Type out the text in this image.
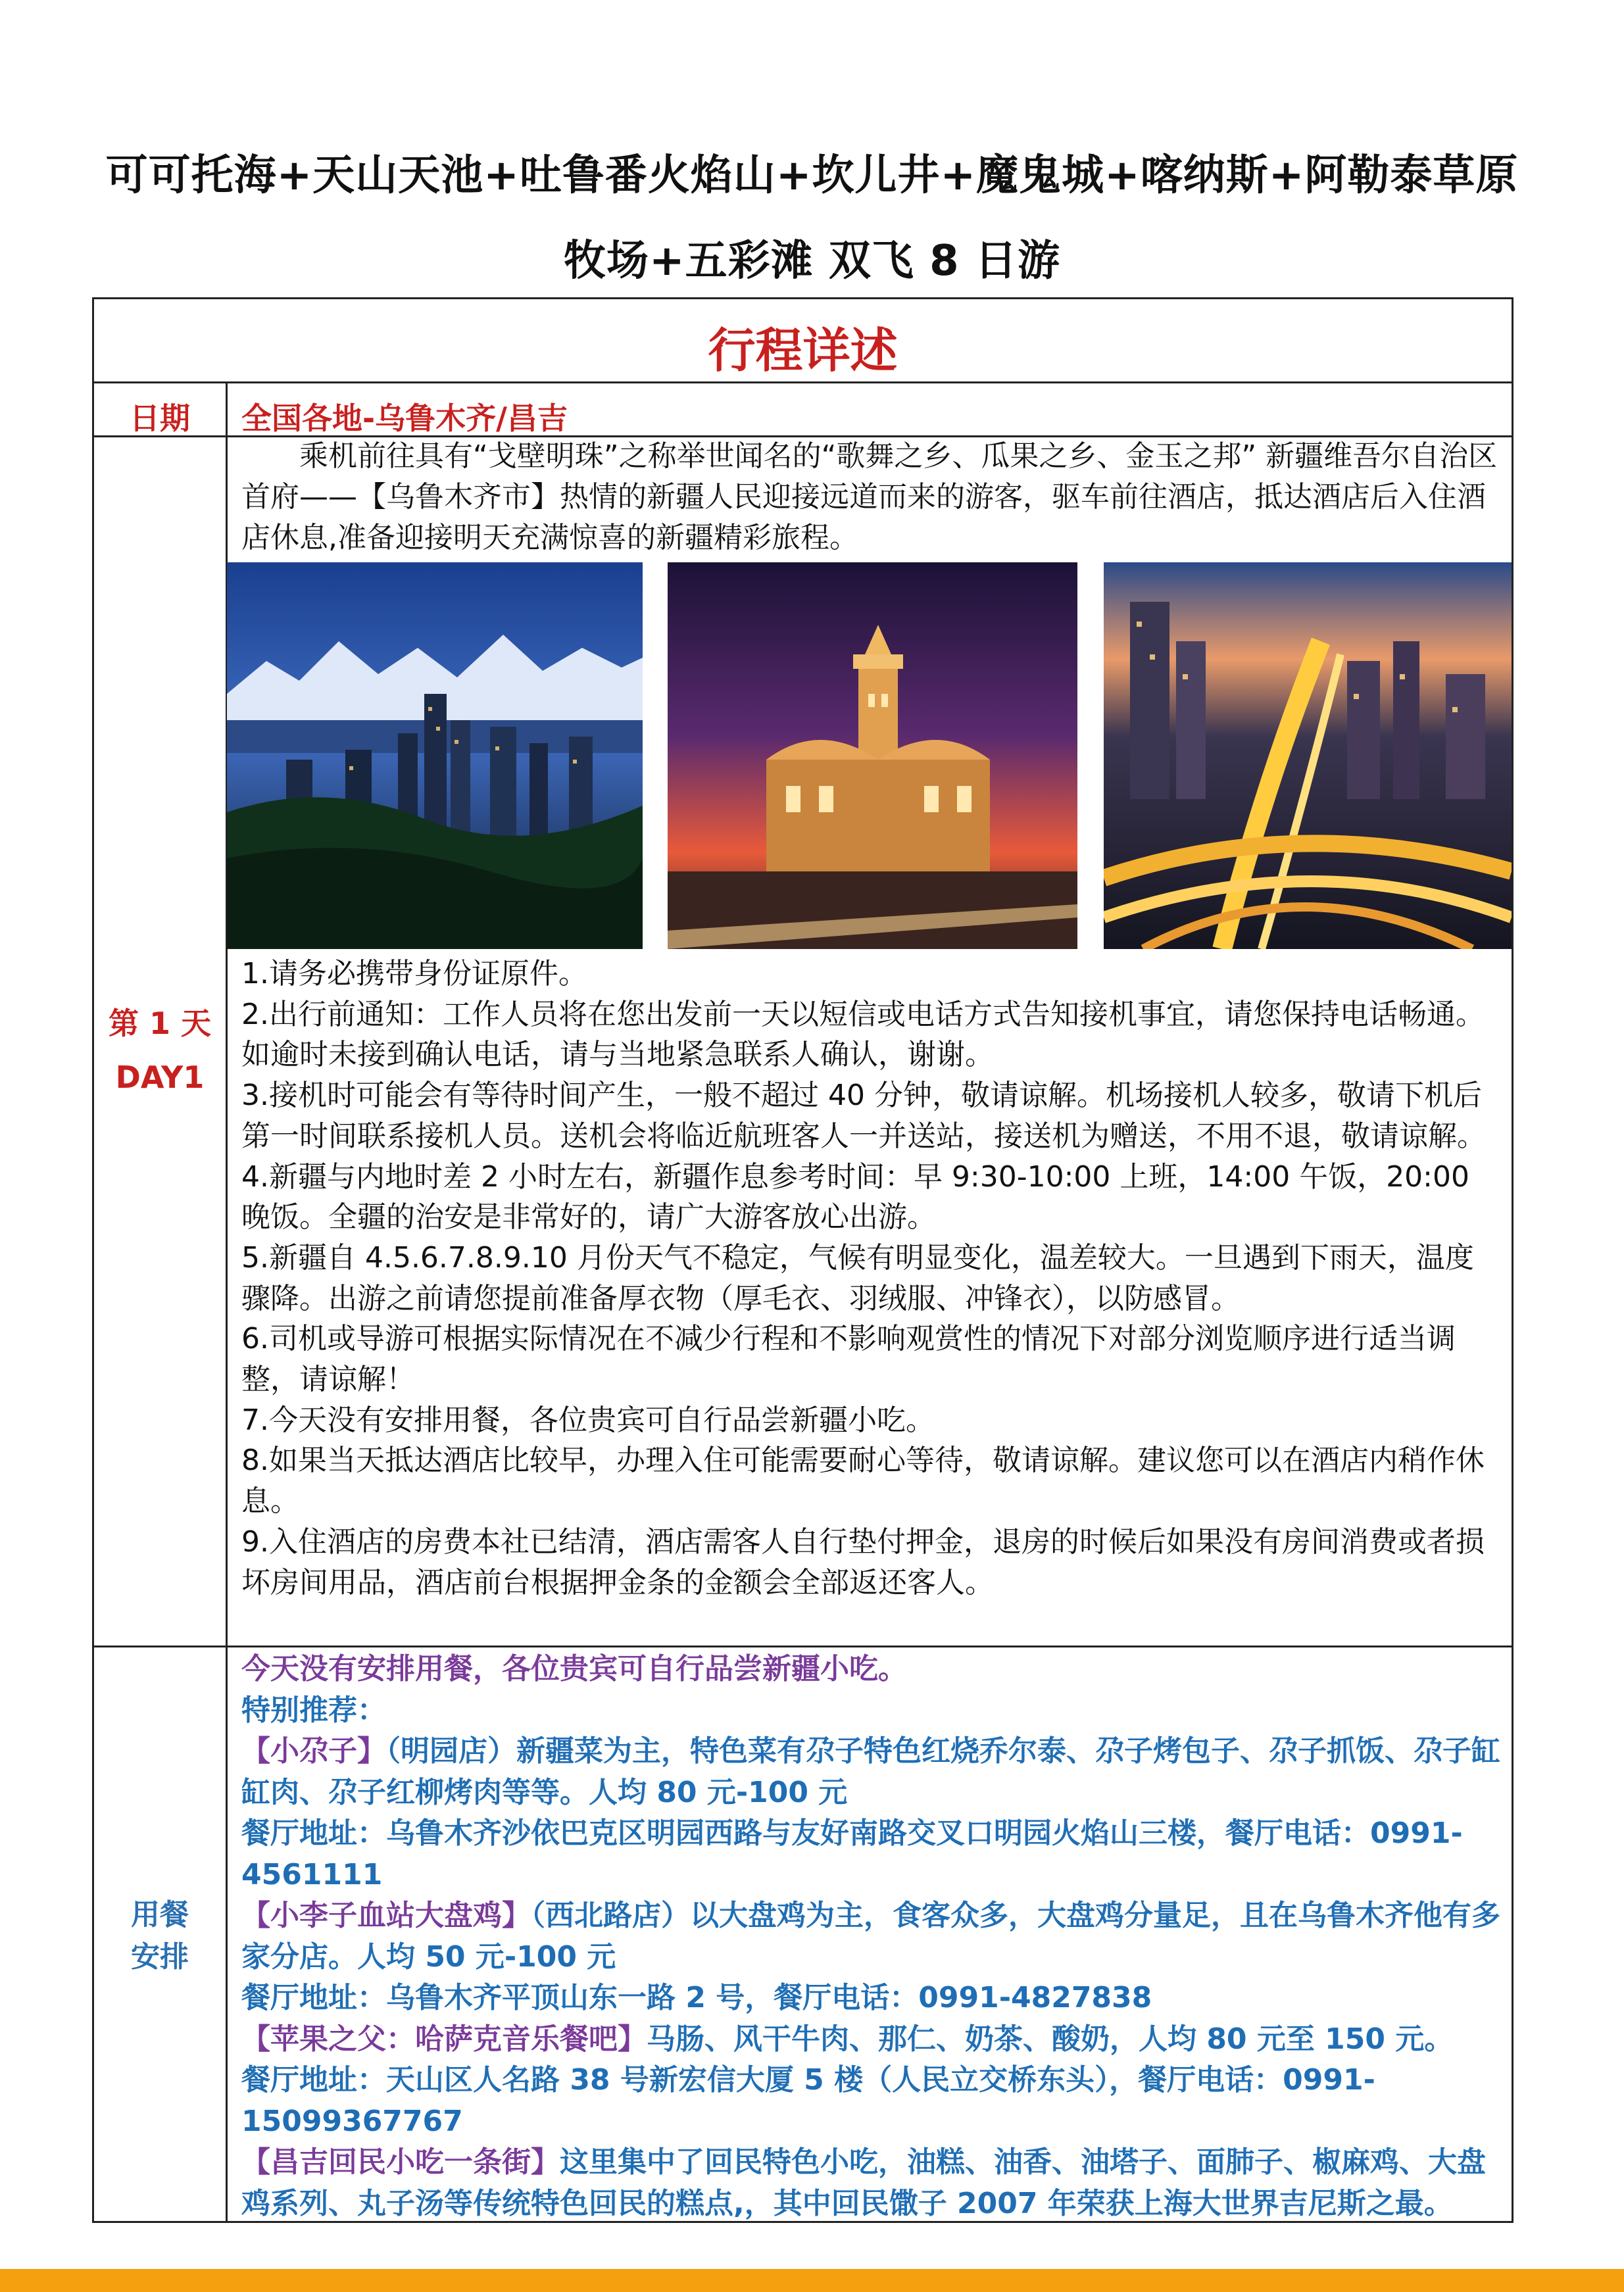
可可托海+天山天池+吐鲁番火焰山+坎儿井+魔鬼城+喀纳斯+阿勒泰草原
牧场+五彩滩 双飞 8 日游
行程详述
日期	全国各地-乌鲁木齐/昌吉
第 1 天
DAY1
　　乘机前往具有“戈壁明珠”之称举世闻名的“歌舞之乡、瓜果之乡、金玉之邦” 新疆维吾尔自治区首府——【乌鲁木齐市】热情的新疆人民迎接远道而来的游客，驱车前往酒店，抵达酒店后入住酒店休息,准备迎接明天充满惊喜的新疆精彩旅程。

1.请务必携带身份证原件。

2.出行前通知：工作人员将在您出发前一天以短信或电话方式告知接机事宜，请您保持电话畅通。如逾时未接到确认电话，请与当地紧急联系人确认，谢谢。

3.接机时可能会有等待时间产生，一般不超过 40 分钟，敬请谅解。机场接机人较多，敬请下机后第一时间联系接机人员。送机会将临近航班客人一并送站，接送机为赠送，不用不退，敬请谅解。

4.新疆与内地时差 2 小时左右，新疆作息参考时间：早 9:30-10:00 上班，14:00 午饭，20:00 晚饭。全疆的治安是非常好的，请广大游客放心出游。

5.新疆自 4.5.6.7.8.9.10 月份天气不稳定，气候有明显变化，温差较大。一旦遇到下雨天，温度骤降。出游之前请您提前准备厚衣物（厚毛衣、羽绒服、冲锋衣），以防感冒。

6.司机或导游可根据实际情况在不减少行程和不影响观赏性的情况下对部分浏览顺序进行适当调整，请谅解！

7.今天没有安排用餐，各位贵宾可自行品尝新疆小吃。

8.如果当天抵达酒店比较早，办理入住可能需要耐心等待，敬请谅解。建议您可以在酒店内稍作休息。

9.入住酒店的房费本社已结清，酒店需客人自行垫付押金，退房的时候后如果没有房间消费或者损坏房间用品，酒店前台根据押金条的金额会全部返还客人。

用餐
安排

今天没有安排用餐，各位贵宾可自行品尝新疆小吃。

特别推荐：

【小尕子】（明园店）新疆菜为主，特色菜有尕子特色红烧乔尔泰、尕子烤包子、尕子抓饭、尕子缸缸肉、尕子红柳烤肉等等。人均 80 元-100 元

餐厅地址：乌鲁木齐沙依巴克区明园西路与友好南路交叉口明园火焰山三楼，餐厅电话：0991-4561111

【小李子血站大盘鸡】（西北路店）以大盘鸡为主，食客众多，大盘鸡分量足，且在乌鲁木齐他有多家分店。人均 50 元-100 元

餐厅地址：乌鲁木齐平顶山东一路 2 号，餐厅电话：0991-4827838

【苹果之父：哈萨克音乐餐吧】马肠、风干牛肉、那仁、奶茶、酸奶，人均 80 元至 150 元。

餐厅地址：天山区人名路 38 号新宏信大厦 5 楼（人民立交桥东头），餐厅电话：0991-15099367767

【昌吉回民小吃一条街】这里集中了回民特色小吃，油糕、油香、油塔子、面肺子、椒麻鸡、大盘鸡系列、丸子汤等传统特色回民的糕点,，其中回民馓子 2007 年荣获上海大世界吉尼斯之最。
